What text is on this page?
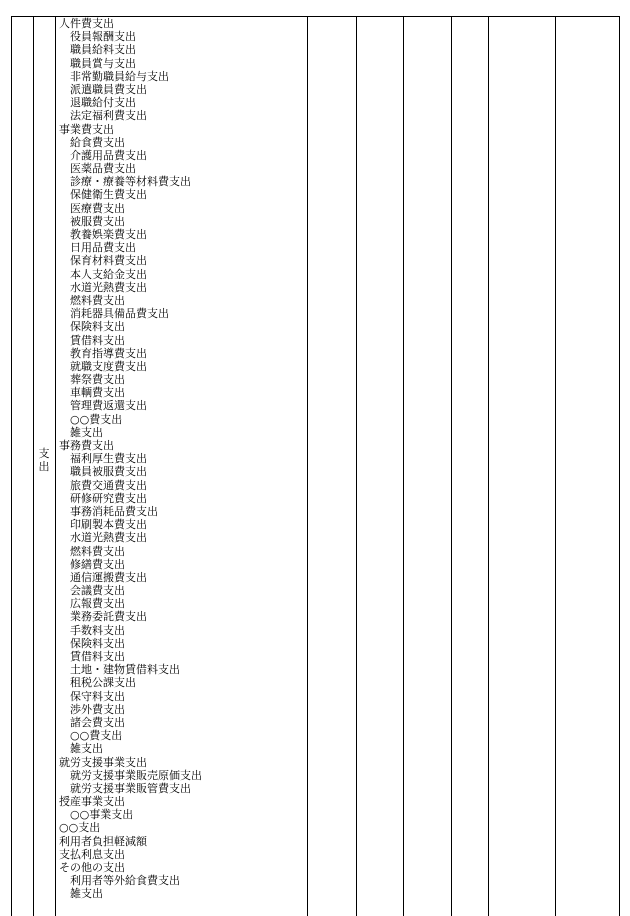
支
出
人件費支出
役員報酬支出
職員給料支出
職員賞与支出
非常勤職員給与支出
派遣職員費支出
退職給付支出
法定福利費支出
事業費支出
給食費支出
介護用品費支出
医薬品費支出
診療・療養等材料費支出
保健衛生費支出
医療費支出
被服費支出
教養娯楽費支出
日用品費支出
保育材料費支出
本人支給金支出
水道光熱費支出
燃料費支出
消耗器具備品費支出
保険料支出
賃借料支出
教育指導費支出
就職支度費支出
葬祭費支出
車輌費支出
管理費返還支出
○○費支出
雑支出
事務費支出
福利厚生費支出
職員被服費支出
旅費交通費支出
研修研究費支出
事務消耗品費支出
印刷製本費支出
水道光熱費支出
燃料費支出
修繕費支出
通信運搬費支出
会議費支出
広報費支出
業務委託費支出
手数料支出
保険料支出
賃借料支出
土地・建物賃借料支出
租税公課支出
保守料支出
渉外費支出
諸会費支出
○○費支出
雑支出
就労支援事業支出
就労支援事業販売原価支出
就労支援事業販管費支出
授産事業支出
○○事業支出
○○支出
利用者負担軽減額
支払利息支出
その他の支出
利用者等外給食費支出
雑支出
